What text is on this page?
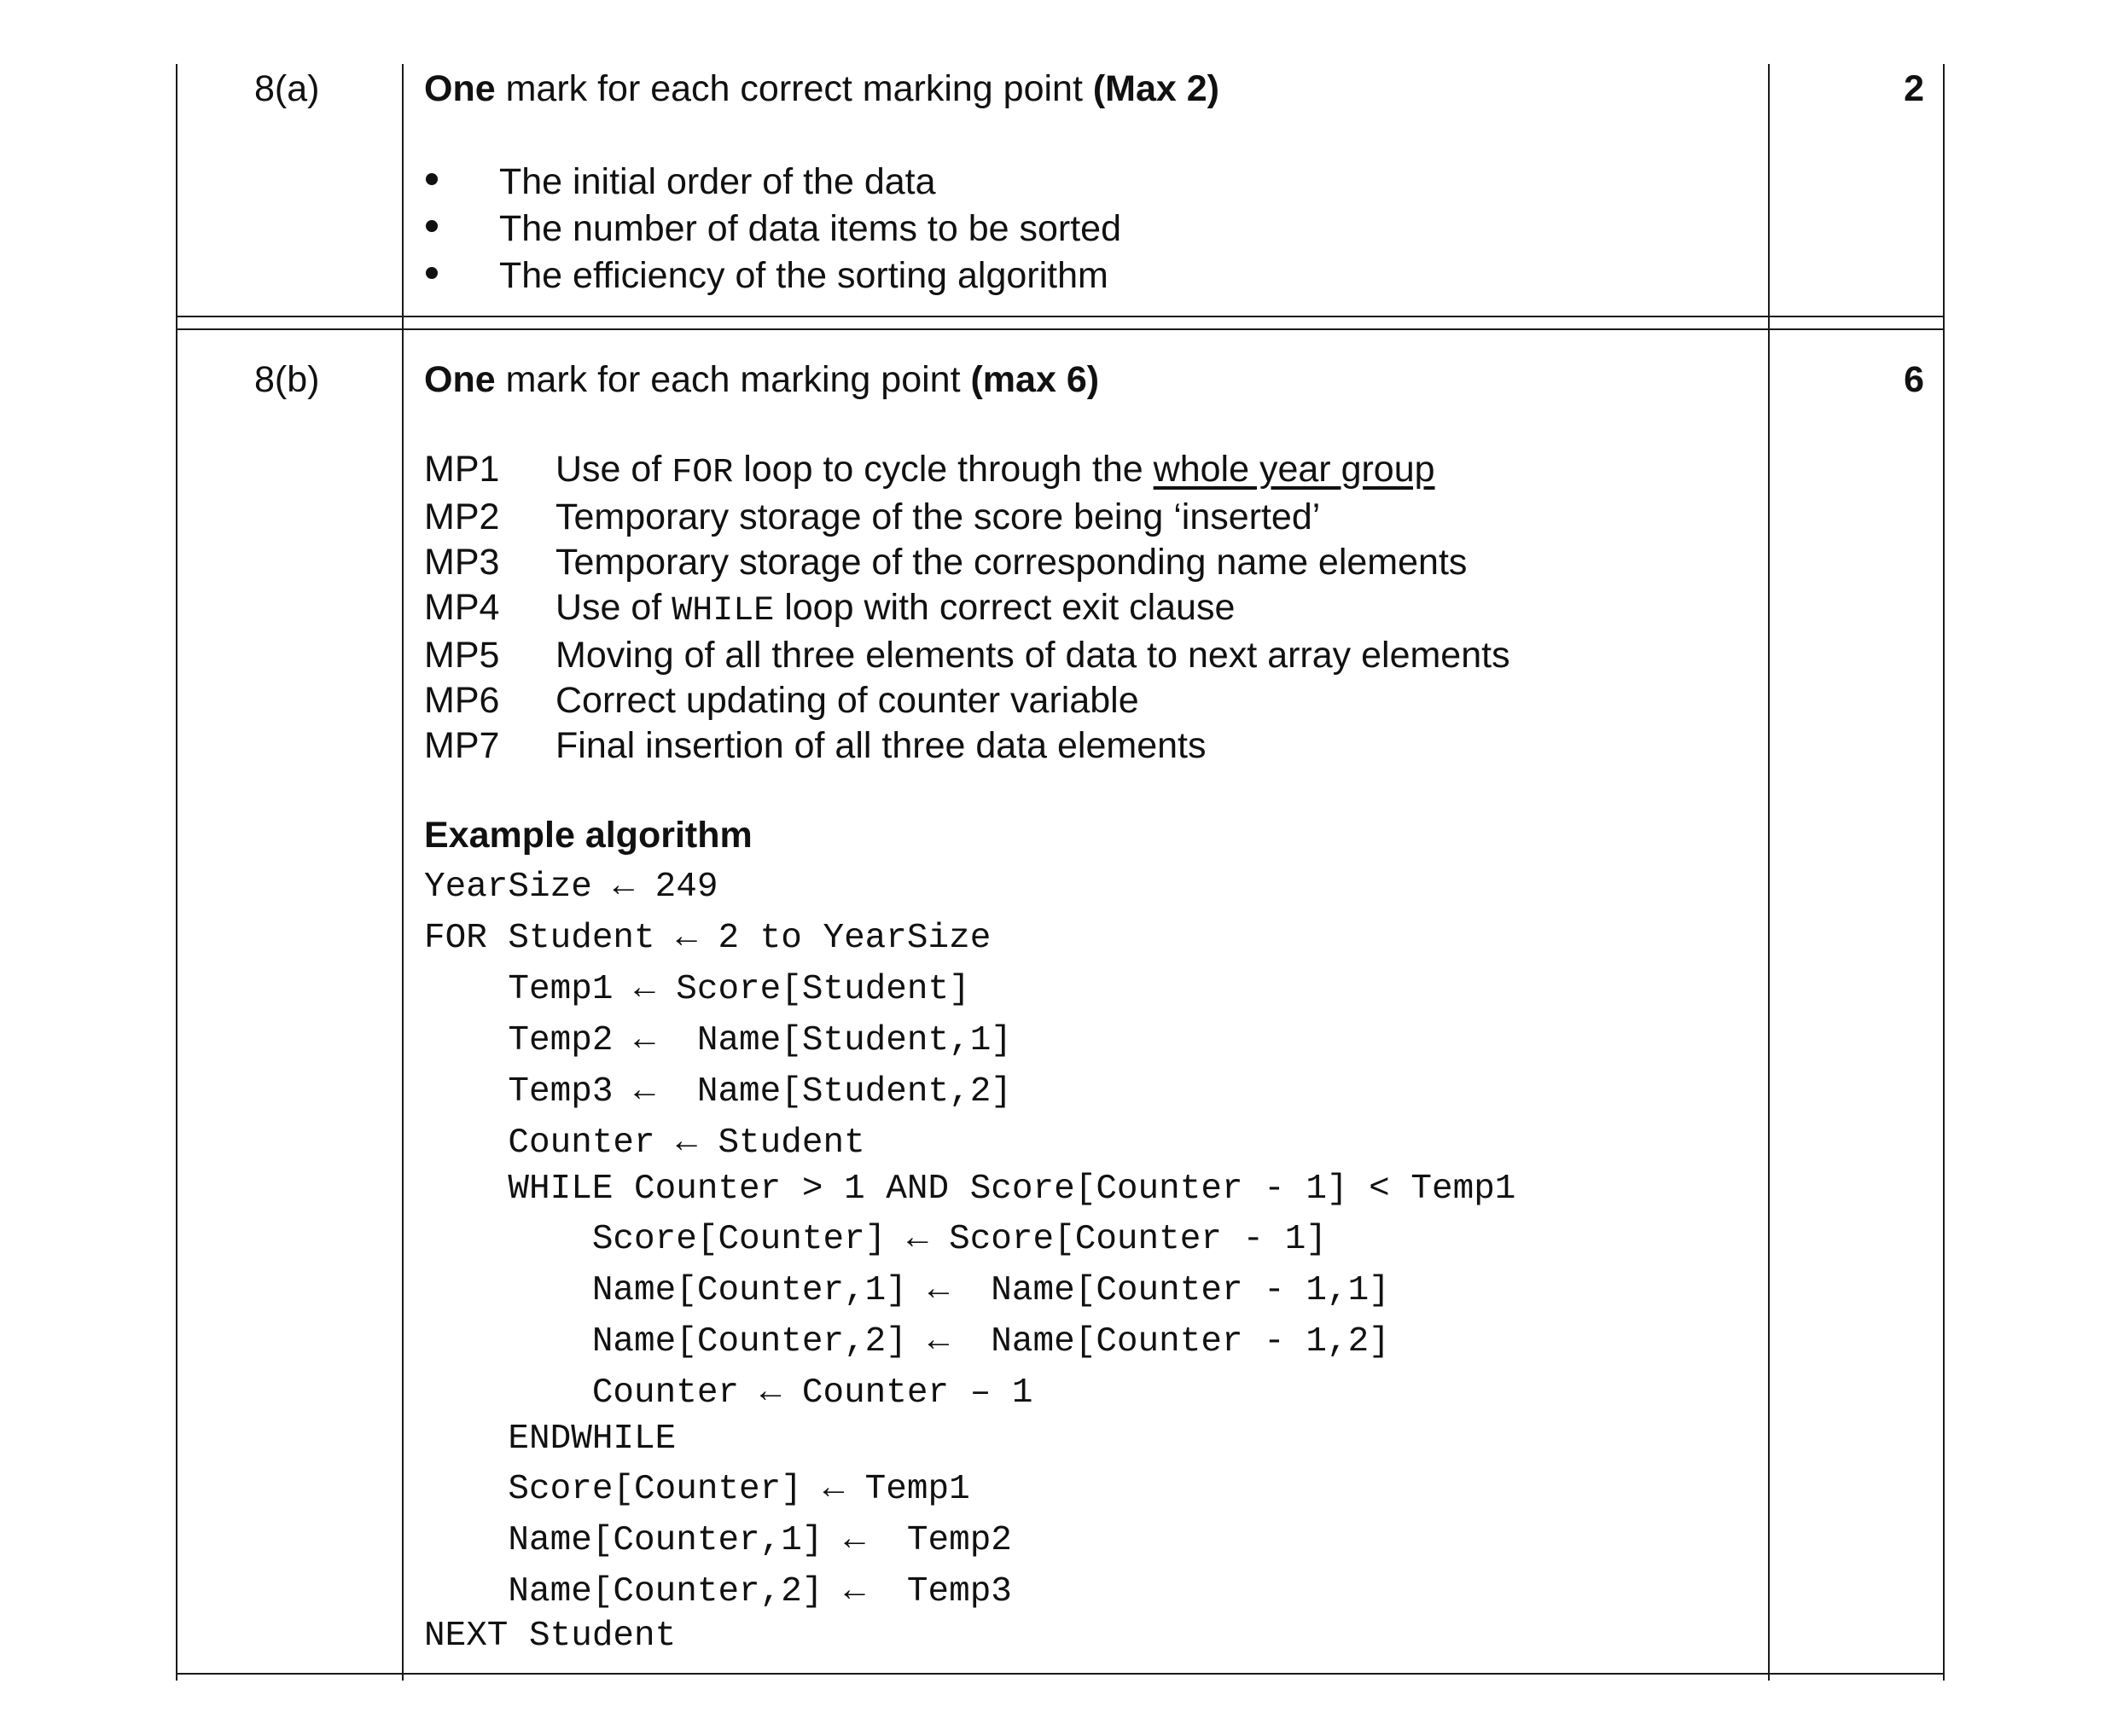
8(a)	2
One mark for each correct marking point (Max 2)
The initial order of the data
The number of data items to be sorted
The efficiency of the sorting algorithm
8(b)	6
One mark for each marking point (max 6)
MP1 Use of FOR loop to cycle through the whole year group
MP2 Temporary storage of the score being ‘inserted’
MP3 Temporary storage of the corresponding name elements
MP4 Use of WHILE loop with correct exit clause
MP5 Moving of all three elements of data to next array elements
MP6 Correct updating of counter variable
MP7 Final insertion of all three data elements
Example algorithm
YearSize ← 249
FOR Student ← 2 to YearSize
Temp1 ← Score[Student]
Temp2 ←  Name[Student,1]
Temp3 ←  Name[Student,2]
Counter ← Student
WHILE Counter > 1 AND Score[Counter - 1] < Temp1
Score[Counter] ← Score[Counter - 1]
Name[Counter,1] ←  Name[Counter - 1,1]
Name[Counter,2] ←  Name[Counter - 1,2]
Counter ← Counter – 1
ENDWHILE
Score[Counter] ← Temp1
Name[Counter,1] ←  Temp2
Name[Counter,2] ←  Temp3
NEXT Student
